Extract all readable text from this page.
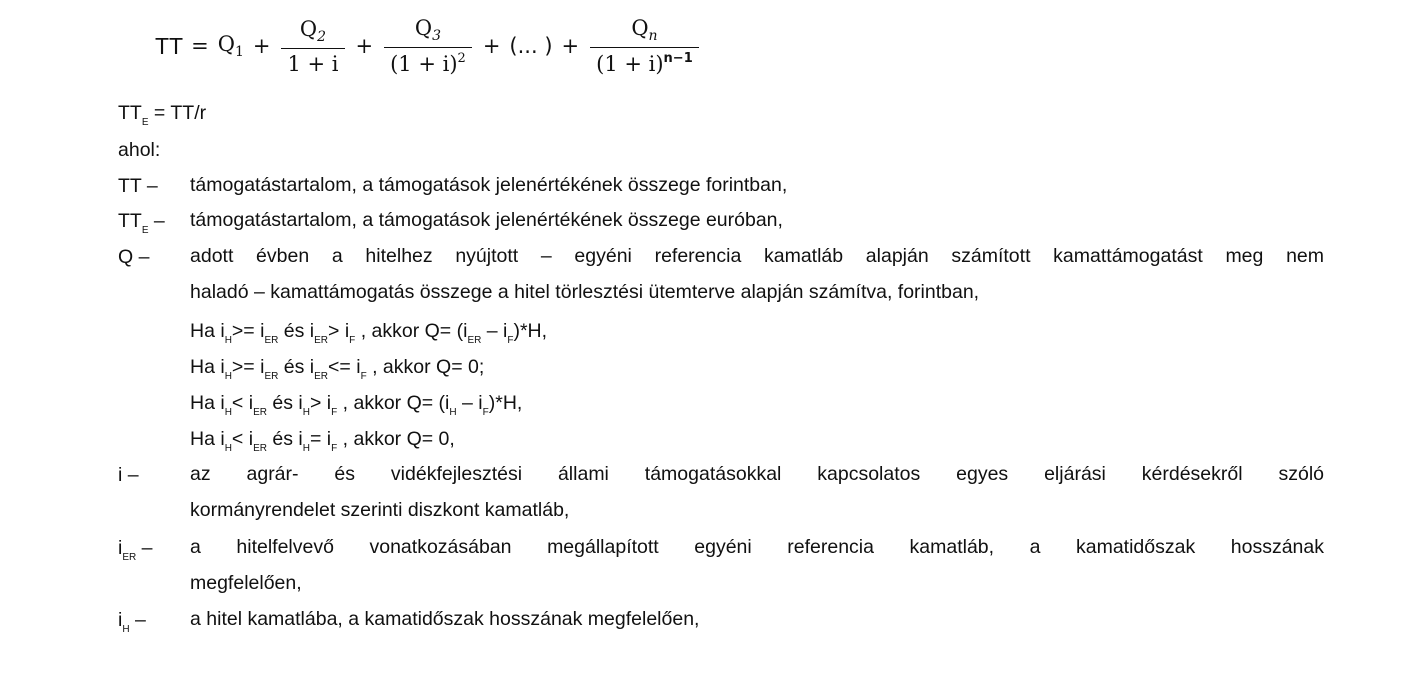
TT = $Q_1 + \frac{Q_2}{1 + i} + \frac{Q_3}{(1 + i)^2}$ + (... ) + $\frac{Q_n}{(1 + i)^{n-1}}$
$TT_E = TT/r$
ahol:
TT – támogatástartalom, a támogatások jelenértékének összege forintban,
$TT_E$ – támogatástartalom, a támogatások jelenértékének összege euróban,
Q – adott évben a hitelhez nyújtott – egyéni referencia kamatláb alapján számított kamattámogatást meg nem
haladó – kamattámogatás összege a hitel törlesztési ütemterve alapján számítva, forintban,
Ha $i_H>= i_{ER}$ és $i_{ER}> i_F$ , akkor $Q= (i_{ER} - i_F)*H$,
Ha $i_H>= i_{ER}$ és $i_{ER}<= i_F$ , akkor Q= 0;
Ha $i_H< i_{ER}$ és $i_H> i_F$ , akkor $Q= (i_H - i_F)*H$,
Ha $i_H< i_{ER}$ és $i_H= i_F$ , akkor Q= 0,
i –	az agrár- és vidékfejlesztési állami támogatásokkal kapcsolatos egyes eljárási kérdésekről szóló
kormányrendelet szerinti diszkont kamatláb,
$i_{ER}$ – a hitelfelvevő vonatkozásában megállapított egyéni referencia kamatláb, a kamatidőszak hosszának
megfelelően,
$i_H$ – a hitel kamatlába, a kamatidőszak hosszának megfelelően,
